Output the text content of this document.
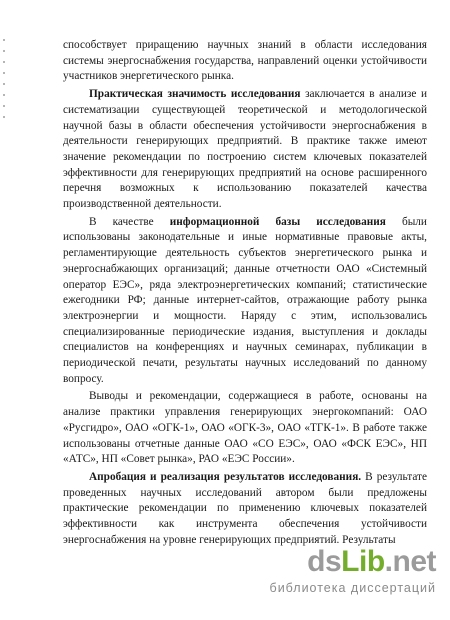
способствует приращению научных знаний в области исследования системы энергоснабжения государства, направлений оценки устойчивости участников энергетического рынка.

Практическая значимость исследования заключается в анализе и систематизации существующей теоретической и методологической научной базы в области обеспечения устойчивости энергоснабжения в деятельности генерирующих предприятий. В практике также имеют значение рекомендации по построению систем ключевых показателей эффективности для генерирующих предприятий на основе расширенного перечня возможных к использованию показателей качества производственной деятельности.

В качестве информационной базы исследования были использованы законодательные и иные нормативные правовые акты, регламентирующие деятельность субъектов энергетического рынка и энергоснабжающих организаций; данные отчетности ОАО «Системный оператор ЕЭС», ряда электроэнергетических компаний; статистические ежегодники РФ; данные интернет-сайтов, отражающие работу рынка электроэнергии и мощности. Наряду с этим, использовались специализированные периодические издания, выступления и доклады специалистов на конференциях и научных семинарах, публикации в периодической печати, результаты научных исследований по данному вопросу.

Выводы и рекомендации, содержащиеся в работе, основаны на анализе практики управления генерирующих энергокомпаний: ОАО «Русгидро», ОАО «ОГК-1», ОАО «ОГК-3», ОАО «ТГК-1». В работе также использованы отчетные данные ОАО «СО ЕЭС», ОАО «ФСК ЕЭС», НП «АТС», НП «Совет рынка», РАО «ЕЭС России».

Апробация и реализация результатов исследования. В результате проведенных научных исследований автором были предложены практические рекомендации по применению ключевых показателей эффективности как инструмента обеспечения устойчивости энергоснабжения на уровне генерирующих предприятий. Результаты

dsLib.net
библиотека диссертаций
